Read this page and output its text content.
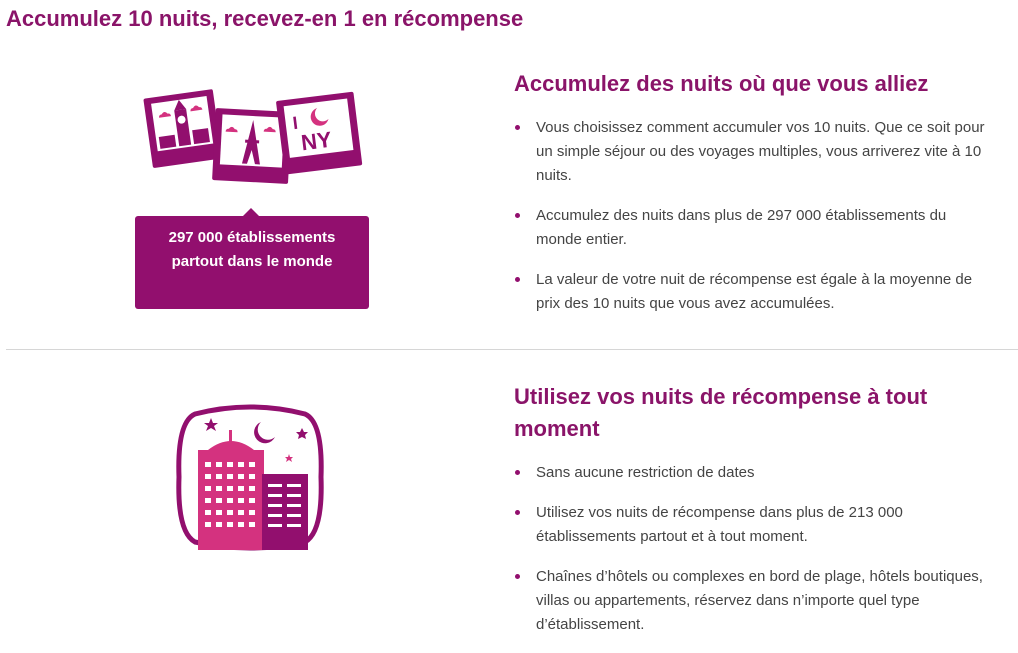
Accumulez 10 nuits, recevez-en 1 en récompense
I
NY
297 000 établissements partout dans le monde
Accumulez des nuits où que vous alliez
Vous choisissez comment accumuler vos 10 nuits. Que ce soit pour un simple séjour ou des voyages multiples, vous arriverez vite à 10 nuits.
Accumulez des nuits dans plus de 297 000 établissements du monde entier.
La valeur de votre nuit de récompense est égale à la moyenne de prix des 10 nuits que vous avez accumulées.
Utilisez vos nuits de récompense à tout moment
Sans aucune restriction de dates
Utilisez vos nuits de récompense dans plus de 213 000 établissements partout et à tout moment.
Chaînes d’hôtels ou complexes en bord de plage, hôtels boutiques, villas ou appartements, réservez dans n’importe quel type d’établissement.
